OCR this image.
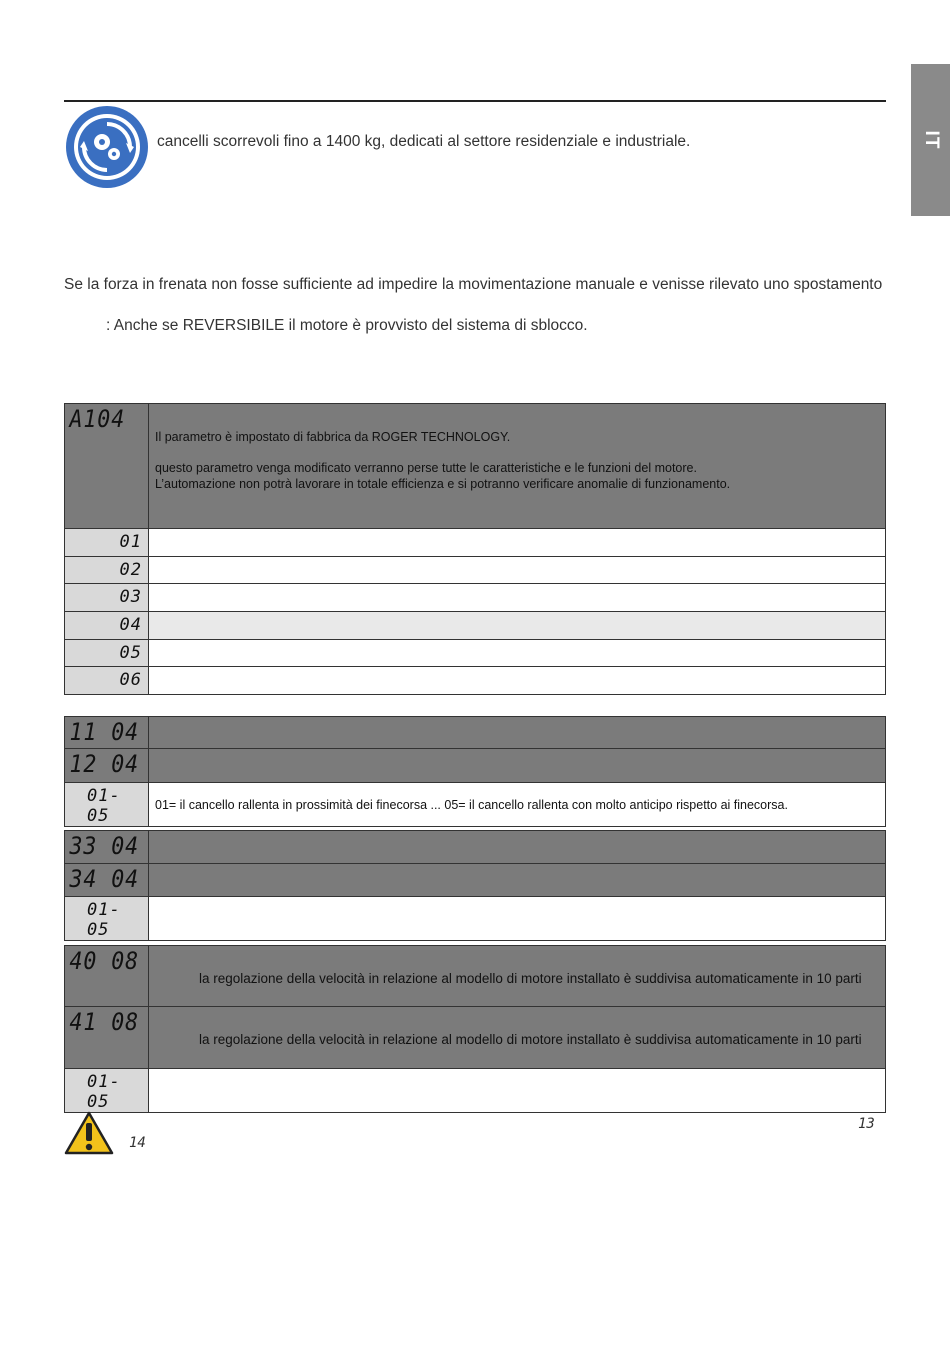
IT
cancelli scorrevoli fino a 1400 kg, dedicati al settore residenziale e industriale.
Se la forza in frenata non fosse sufficiente ad impedire la movimentazione manuale e venisse rilevato uno spostamento
: Anche se REVERSIBILE il motore è provvisto del sistema di sblocco.
A104	Il parametro è impostato di fabbrica da ROGER TECHNOLOGY.

questo parametro venga modificato verranno perse tutte le caratteristiche e le funzioni del motore.

L’automazione non potrà lavorare in totale efficienza e si potranno verificare anomalie di funzionamento.

01	

02	

03	

04	

05	

06	

11 04	
12 04	

01-05	01= il cancello rallenta in prossimità dei finecorsa ... 05= il cancello rallenta con molto anticipo rispetto ai finecorsa.
33 04	
34 04	

01-05	

40 08	la regolazione della velocità in relazione al modello di motore installato è suddivisa automaticamente in 10 parti
41 08	la regolazione della velocità in relazione al modello di motore installato è suddivisa automaticamente in 10 parti

01-05	

14
13
